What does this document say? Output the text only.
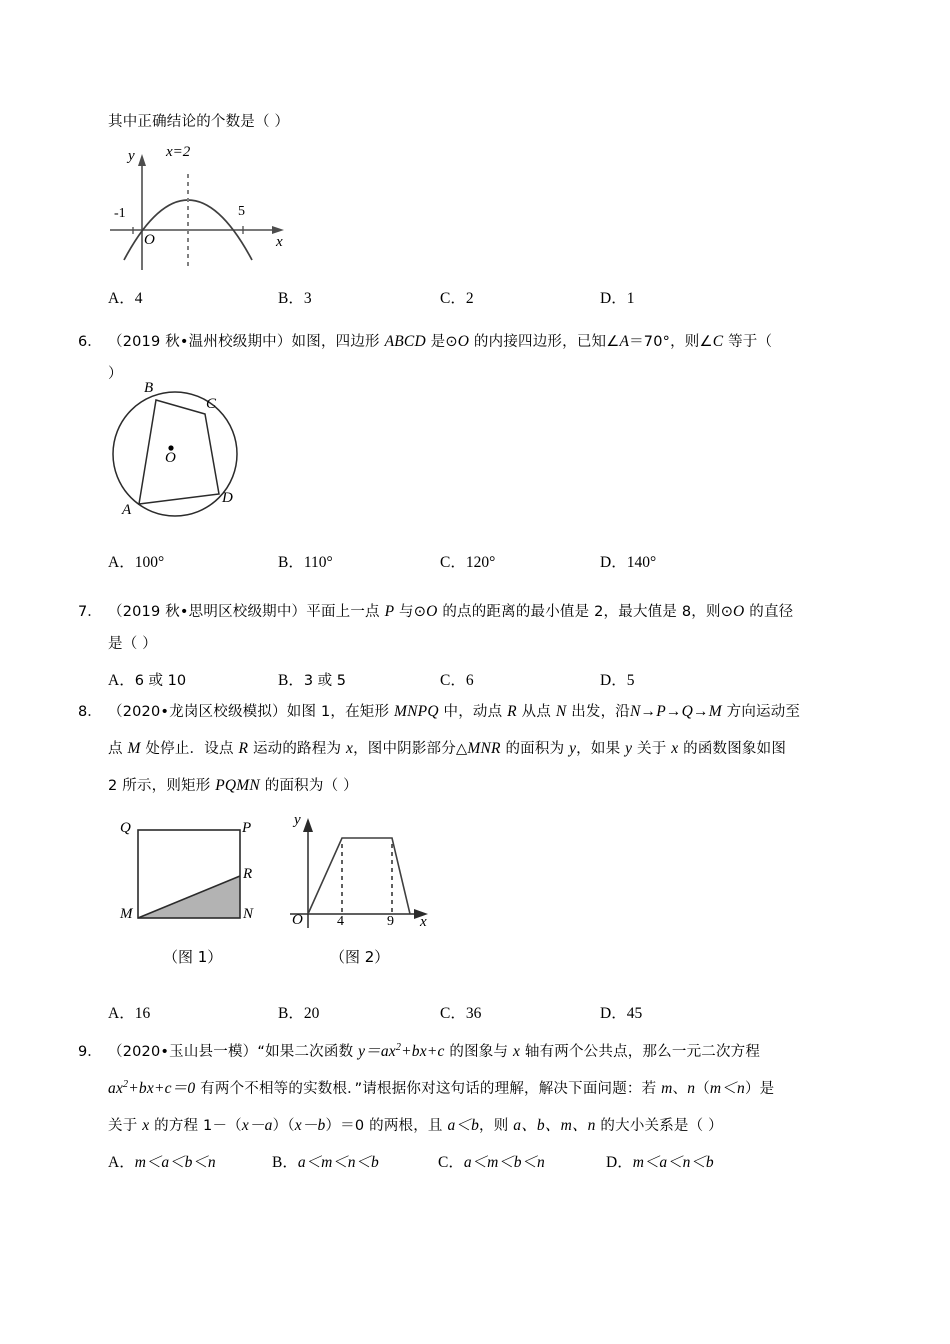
其中正确结论的个数是（ ）
y
x
O
x=2
-1	5
A．4	B．3	C．2	D．1
6． （2019 秋•温州校级期中）如图，四边形 ABCD 是⊙O 的内接四边形，已知∠A＝70°，则∠C 等于（
）
B
C
D
A
O
A．100°	B．110°	C．120°	D．140°
7． （2019 秋•思明区校级期中）平面上一点 P 与⊙O 的点的距离的最小值是 2，最大值是 8，则⊙O 的直径
是（ ）
A．6 或 10	B．3 或 5	C．6	D．5
8． （2020•龙岗区校级模拟）如图 1，在矩形 MNPQ 中，动点 R 从点 N 出发，沿N→P→Q→M 方向运动至
点 M 处停止．设点 R 运动的路程为 x，图中阴影部分△MNR 的面积为 y，如果 y 关于 x 的函数图象如图
2 所示，则矩形 PQMN 的面积为（ ）
Q	P
R
M	N
（图 1）
y
x
O 4	9
（图 2）
A．16	B．20	C．36	D．45
9． （2020•玉山县一模）“如果二次函数 $y=ax^2+bx+c$ 的图象与 x 轴有两个公共点，那么一元二次方程
$ax^2+bx+c=0$ 有两个不相等的实数根．”请根据你对这句话的理解，解决下面问题：若 m、n（m＜n）是
关于 x 的方程 1－（x－a）（x－b）＝0 的两根，且 a＜b，则 a、b、m、n 的大小关系是（ ）
A．m＜a＜b＜n	B．a＜m＜n＜b	C．a＜m＜b＜n	D．m＜a＜n＜b
